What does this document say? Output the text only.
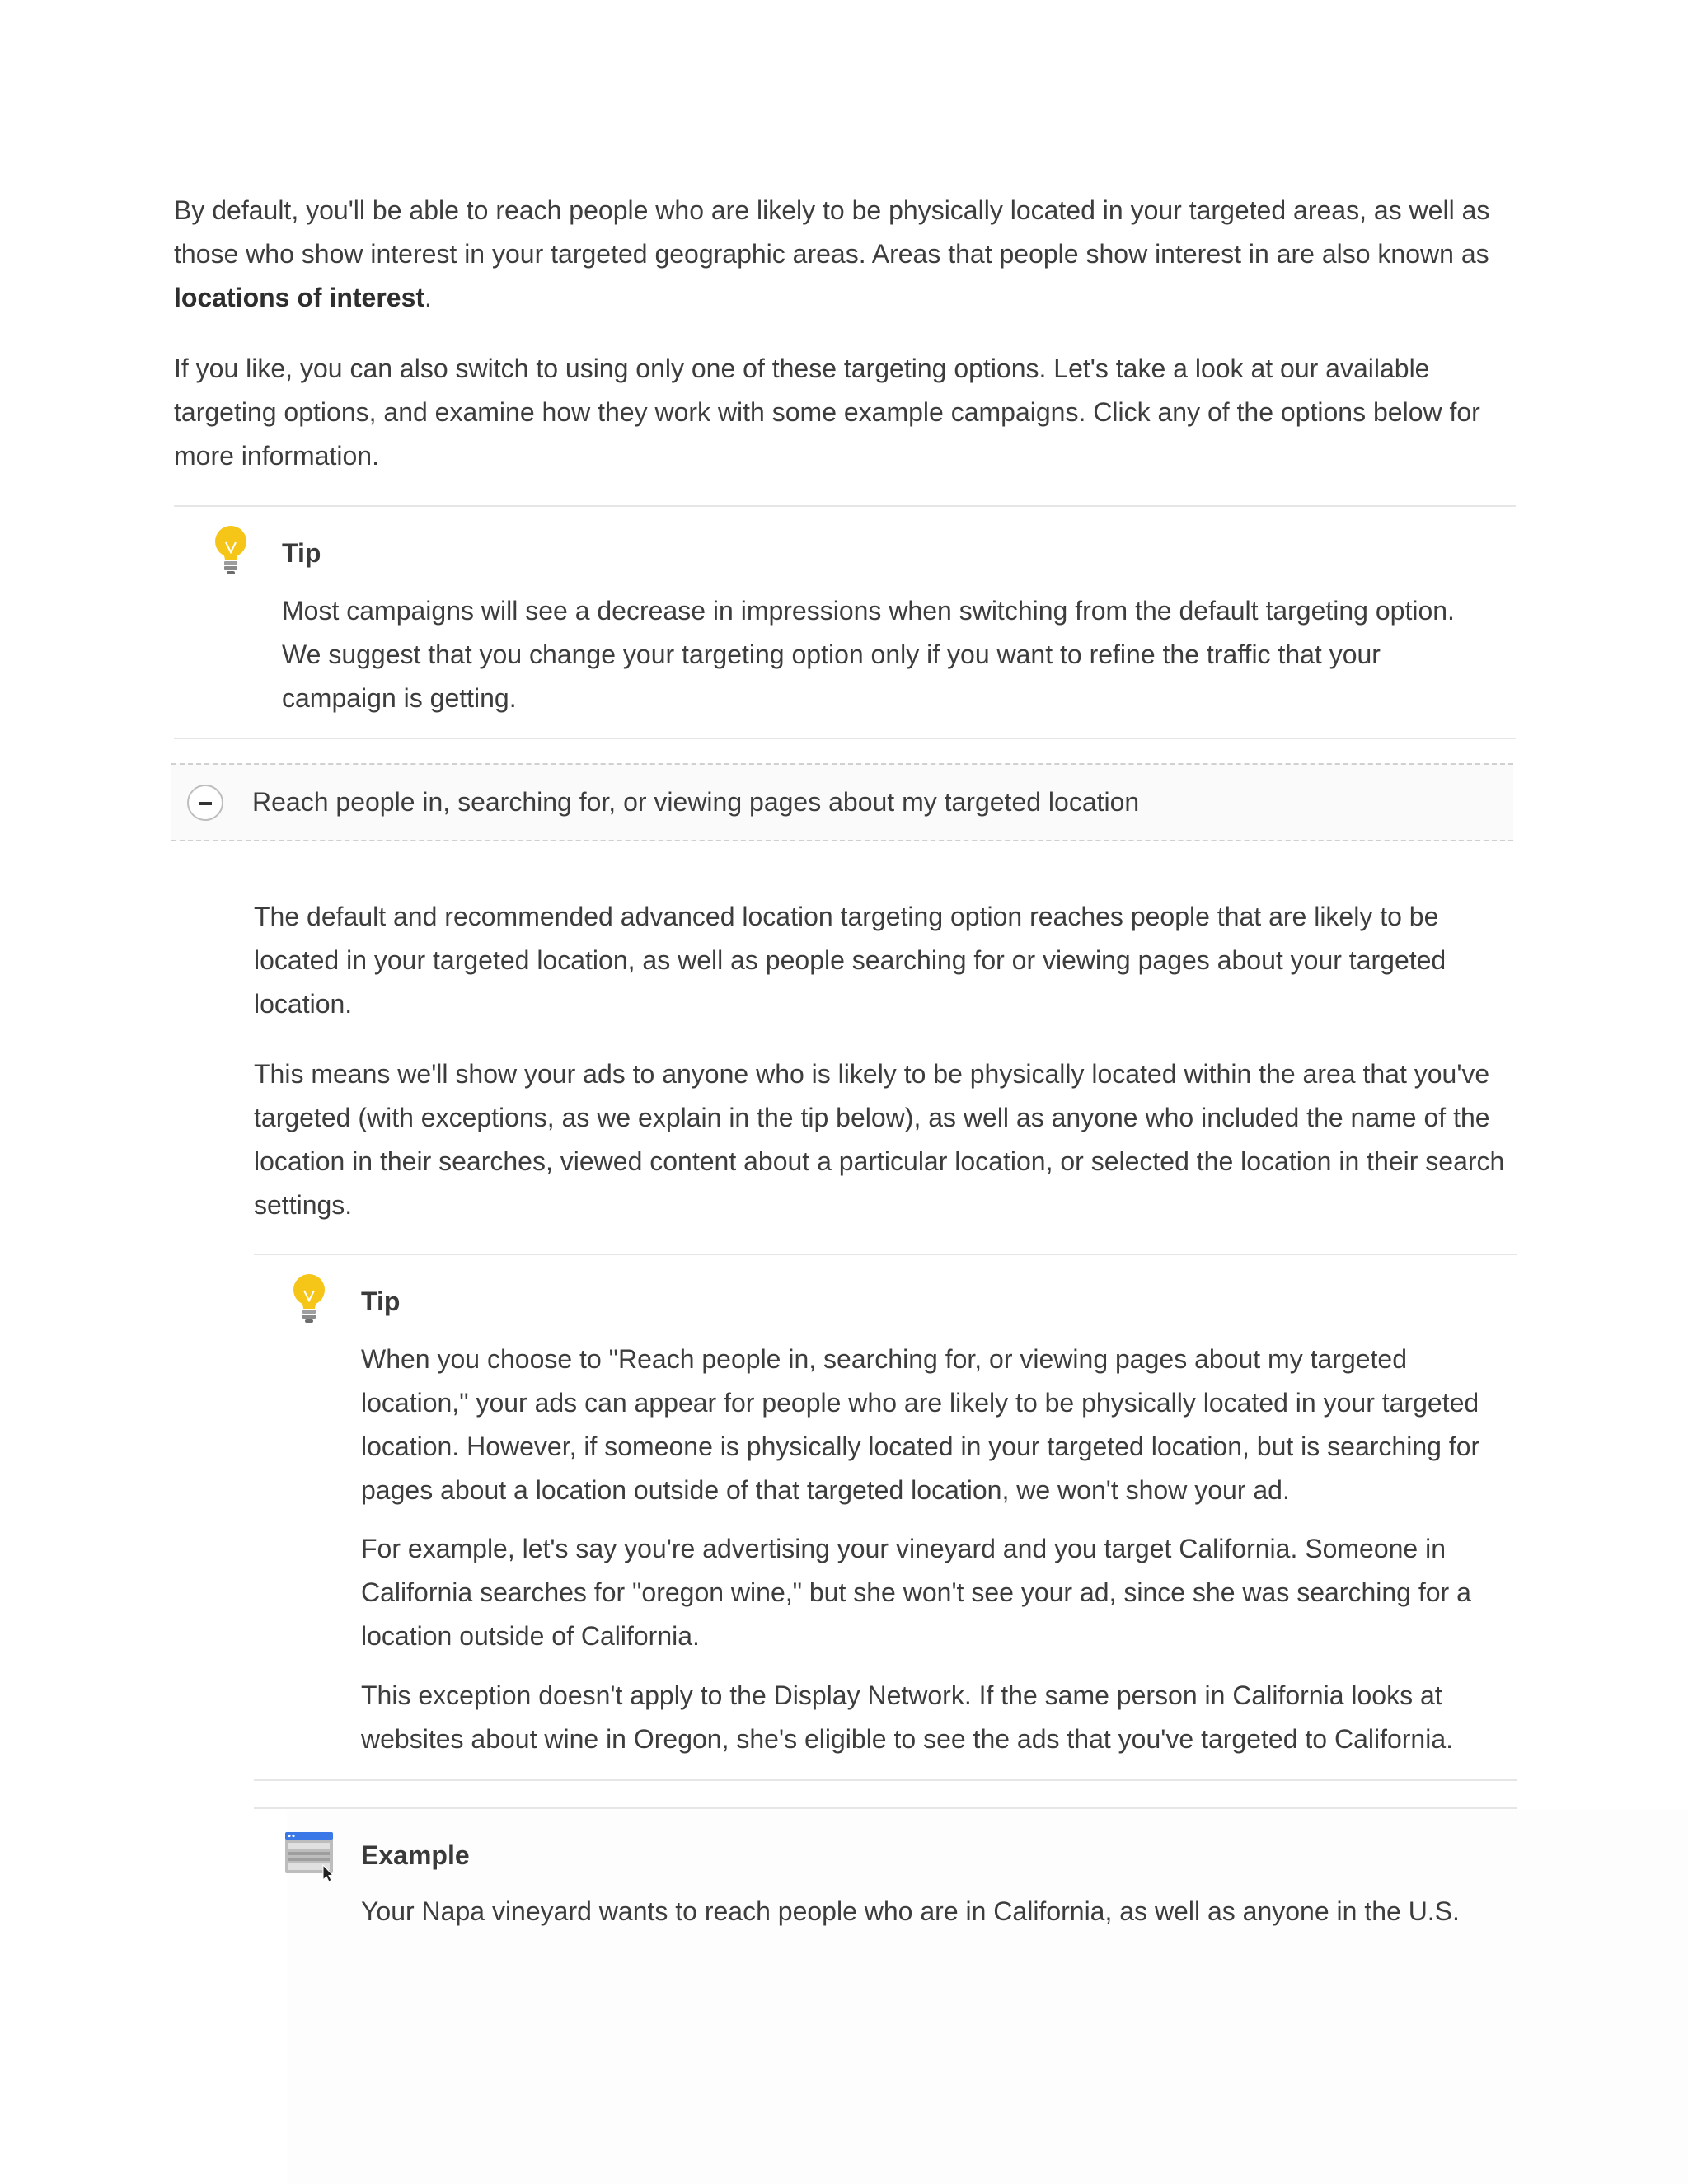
By default, you'll be able to reach people who are likely to be physically located in your targeted areas, as well as those who show interest in your targeted geographic areas. Areas that people show interest in are also known as locations of interest.

If you like, you can also switch to using only one of these targeting options. Let's take a look at our available targeting options, and examine how they work with some example campaigns. Click any of the options below for more information.

Tip

Most campaigns will see a decrease in impressions when switching from the default targeting option. We suggest that you change your targeting option only if you want to refine the traffic that your campaign is getting.

Reach people in, searching for, or viewing pages about my targeted location

The default and recommended advanced location targeting option reaches people that are likely to be located in your targeted location, as well as people searching for or viewing pages about your targeted location.

This means we'll show your ads to anyone who is likely to be physically located within the area that you've targeted (with exceptions, as we explain in the tip below), as well as anyone who included the name of the location in their searches, viewed content about a particular location, or selected the location in their search settings.

Tip

When you choose to "Reach people in, searching for, or viewing pages about my targeted location," your ads can appear for people who are likely to be physically located in your targeted location. However, if someone is physically located in your targeted location, but is searching for pages about a location outside of that targeted location, we won't show your ad.

For example, let's say you're advertising your vineyard and you target California. Someone in California searches for "oregon wine," but she won't see your ad, since she was searching for a location outside of California.

This exception doesn't apply to the Display Network. If the same person in California looks at websites about wine in Oregon, she's eligible to see the ads that you've targeted to California.

Example

Your Napa vineyard wants to reach people who are in California, as well as anyone in the U.S.
